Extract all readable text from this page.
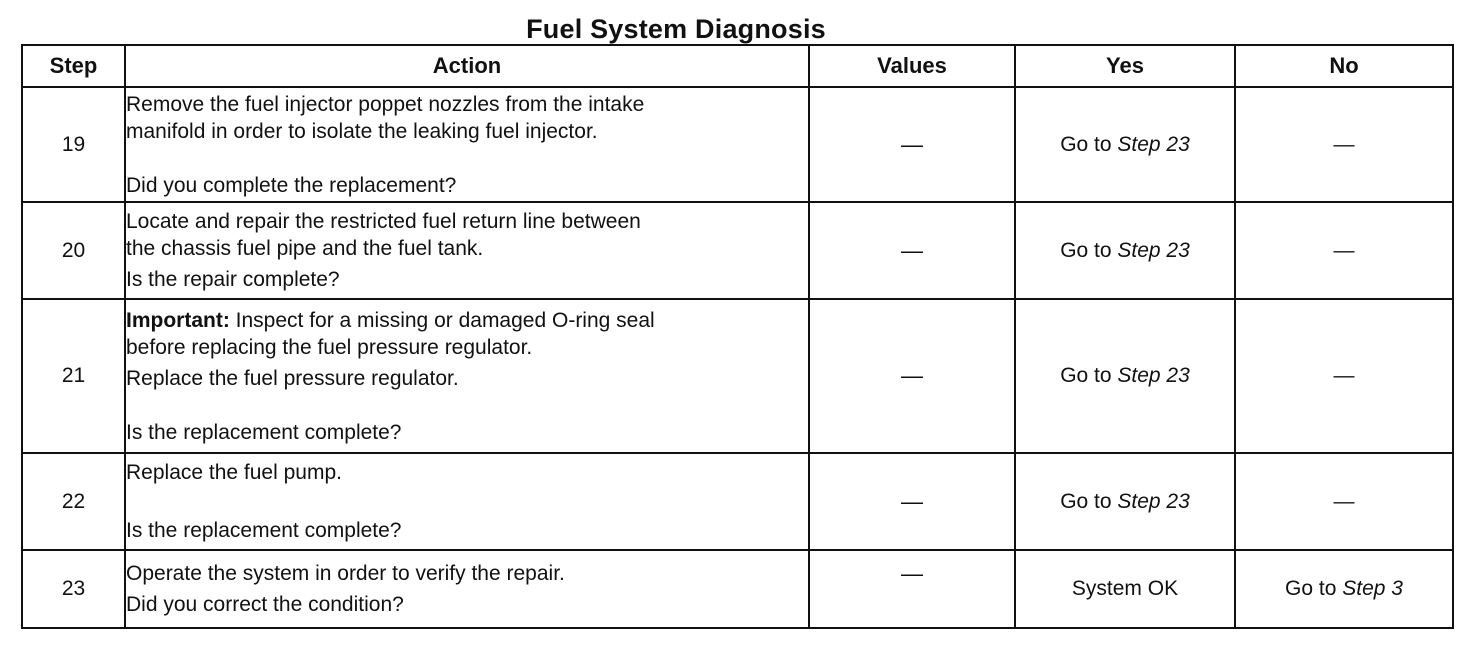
Fuel System Diagnosis
Step	Action	Values	Yes	No
19	Remove the fuel injector poppet nozzles from the intake
manifold in order to isolate the leaking fuel injector.
Did you complete the replacement?	—	Go to Step 23	—
20	Locate and repair the restricted fuel return line between
the chassis fuel pipe and the fuel tank.
Is the repair complete?	—	Go to Step 23	—
21	Important: Inspect for a missing or damaged O-ring seal
before replacing the fuel pressure regulator.
Replace the fuel pressure regulator.
Is the replacement complete?	—	Go to Step 23	—
22	Replace the fuel pump.
Is the replacement complete?	—	Go to Step 23	—
23	Operate the system in order to verify the repair.
Did you correct the condition?	—	System OK	Go to Step 3
